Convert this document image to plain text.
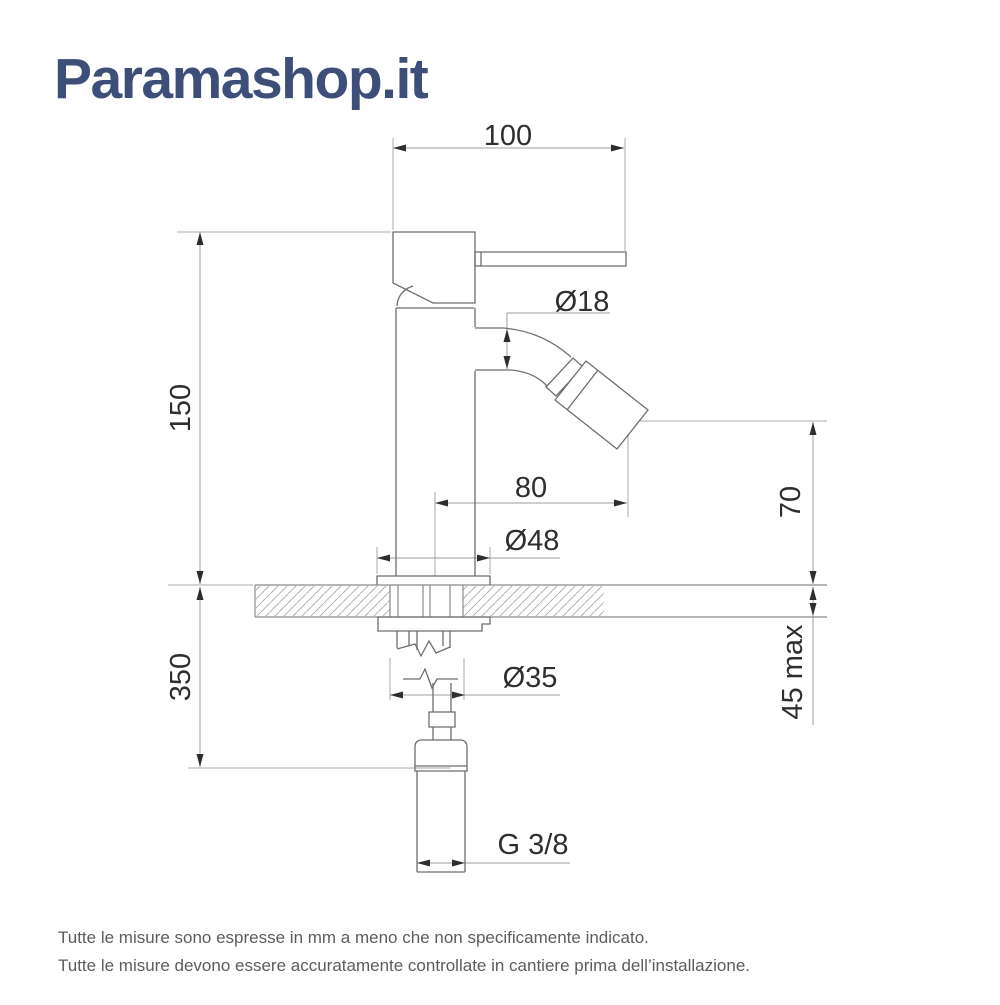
Paramashop.it
100
Ø18
150
80
Ø48
70
45 max
350	Ø35
G 3/8

Tutte le misure sono espresse in mm a meno che non specificamente indicato.

Tutte le misure devono essere accuratamente controllate in cantiere prima dell’installazione.
